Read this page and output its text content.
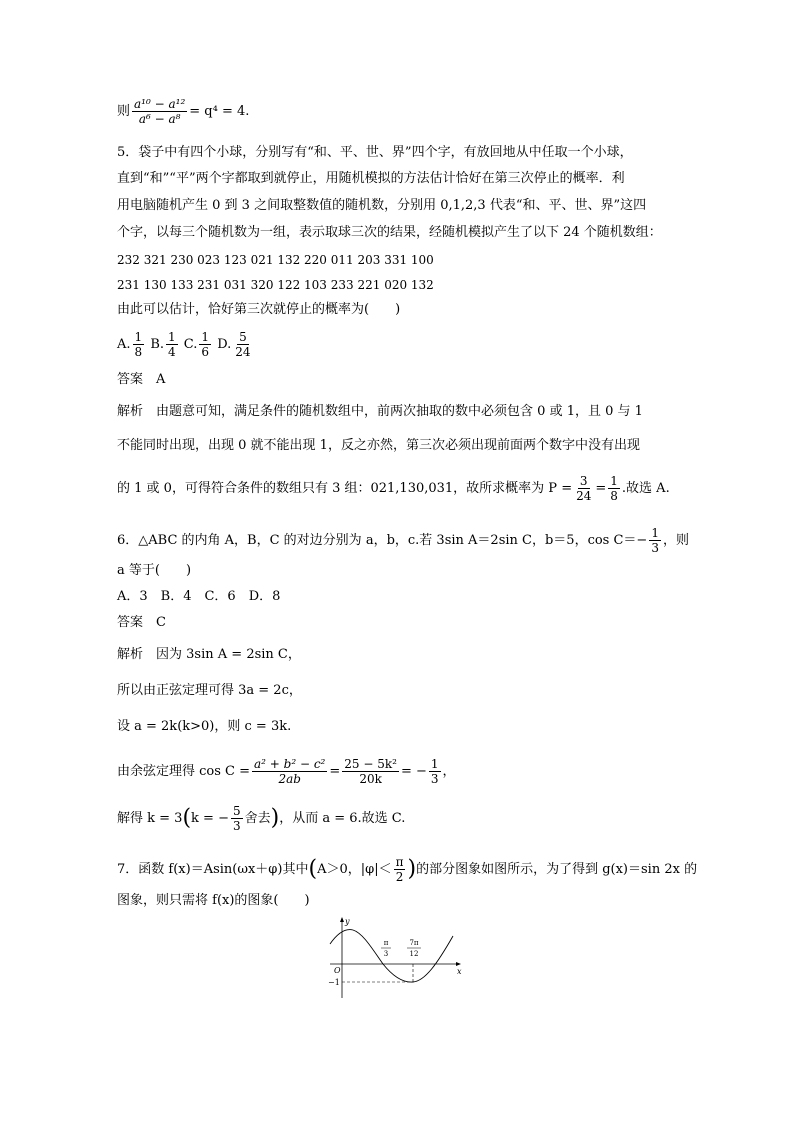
则 $\frac{\text{a¹⁰ − a¹²}}{\text{a⁶ − a⁸}} = q^4 = 4$.
5．袋子中有四个小球，分别写有“和、平、世、界”四个字，有放回地从中任取一个小球，
直到“和”“平”两个字都取到就停止，用随机模拟的方法估计恰好在第三次停止的概率．利
用电脑随机产生 0 到 3 之间取整数值的随机数，分别用 0,1,2,3 代表“和、平、世、界”这四
个字，以每三个随机数为一组，表示取球三次的结果，经随机模拟产生了以下 24 个随机数组：
232 321 230 023 123 021 132 220 011 203 331 100
231 130 133 231 031 320 122 103 233 221 020 132
由此可以估计，恰好第三次就停止的概率为(　　)
A. $\frac{1}{8} B$. $\frac{1}{4} C$. $\frac{1}{6} D$. $\frac{5}{24}$
答案　 A
解析　 由题意可知，满足条件的随机数组中，前两次抽取的数中必须包含 0 或 1，且 0 与 1
不能同时出现，出现 0 就不能出现 1，反之亦然，第三次必须出现前面两个数字中没有出现
的 1 或 0，可得符合条件的数组只有 3 组：021,130,031，故所求概率为 $P = \frac{3}{24} = \frac{1}{8}$ .故选 A.
6．△ABC 的内角 A，B，C 的对边分别为 a，b，c.若 3sin A＝2sin C，b＝5，$\cos C=- \frac{1}{3}$ ，则
a 等于(　　)
A．3　B．4　C．6　D．8
答案　 C
解析　 因为 3sin A = 2sin C，
所以由正弦定理可得 3a = 2c，
设 a = 2k(k>0)，则 c = 3k.
由余弦定理得 $\cos C = \frac{\text{a² + b² − c²}}{2ab} = \frac{\text{25 − 5k²}}{20k}$ = − $\frac{1}{3}$ ，
解得 k = 3(k = − $\frac{5}{3}$ 舍去)，从而 a = 6.故选 C.
7．函数 f(x)＝Asin(ωx＋φ)其中(A＞0，$|\varphi|< \frac{\pi}{2}$ )的部分图象如图所示，为了得到 g(x)＝sin 2x 的
图象，则只需将 f(x)的图象(　　)
y
x
O
−1
π
3
7π
12
